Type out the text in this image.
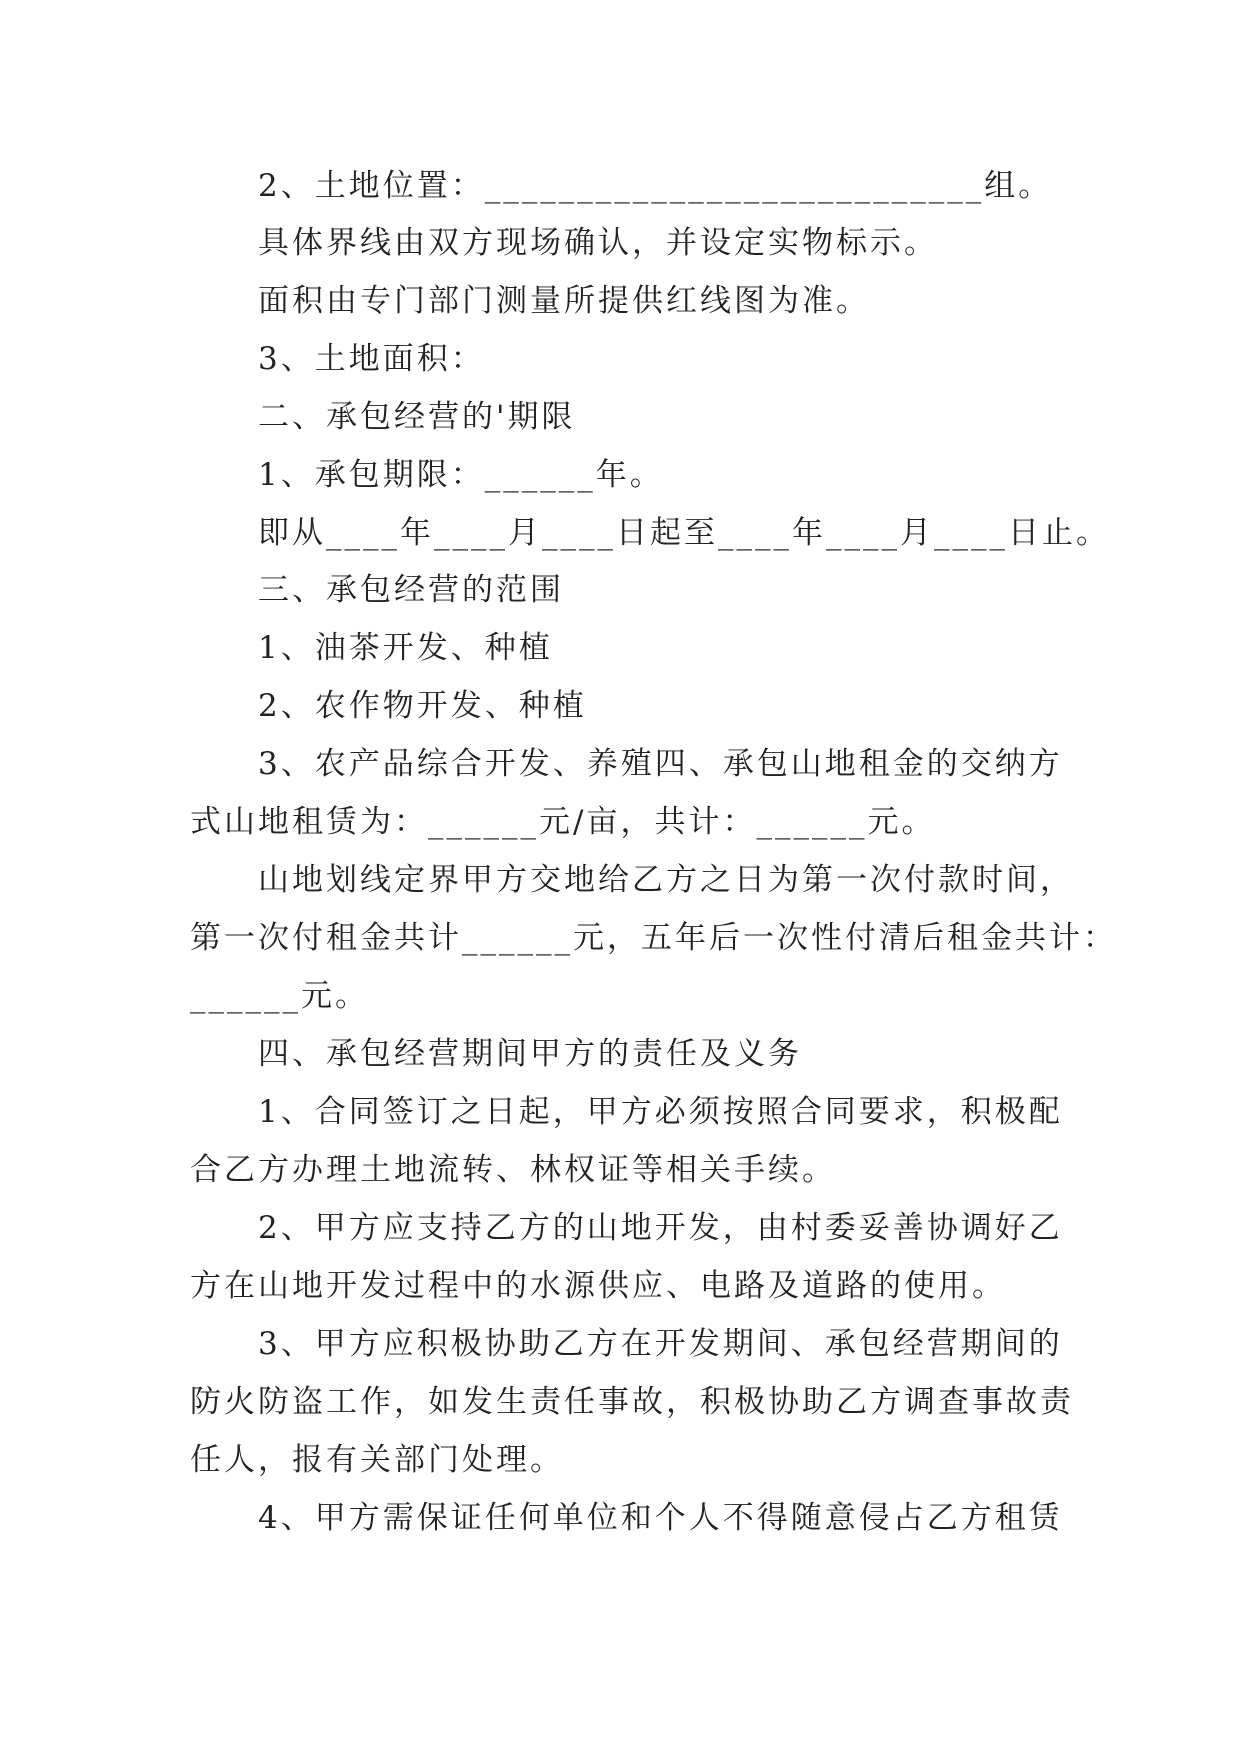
2、土地位置：___________________________组。
具体界线由双方现场确认，并设定实物标示。
面积由专门部门测量所提供红线图为准。
3、土地面积：
二、承包经营的'期限
1、承包期限：______年。
即从____年____月____日起至____年____月____日止。
三、承包经营的范围
1、油茶开发、种植
2、农作物开发、种植
3、农产品综合开发、养殖四、承包山地租金的交纳方
式山地租赁为：______元/亩，共计：______元。
山地划线定界甲方交地给乙方之日为第一次付款时间，
第一次付租金共计______元，五年后一次性付清后租金共计：
______元。
四、承包经营期间甲方的责任及义务
1、合同签订之日起，甲方必须按照合同要求，积极配
合乙方办理土地流转、林权证等相关手续。
2、甲方应支持乙方的山地开发，由村委妥善协调好乙
方在山地开发过程中的水源供应、电路及道路的使用。
3、甲方应积极协助乙方在开发期间、承包经营期间的
防火防盗工作，如发生责任事故，积极协助乙方调查事故责
任人，报有关部门处理。
4、甲方需保证任何单位和个人不得随意侵占乙方租赁
